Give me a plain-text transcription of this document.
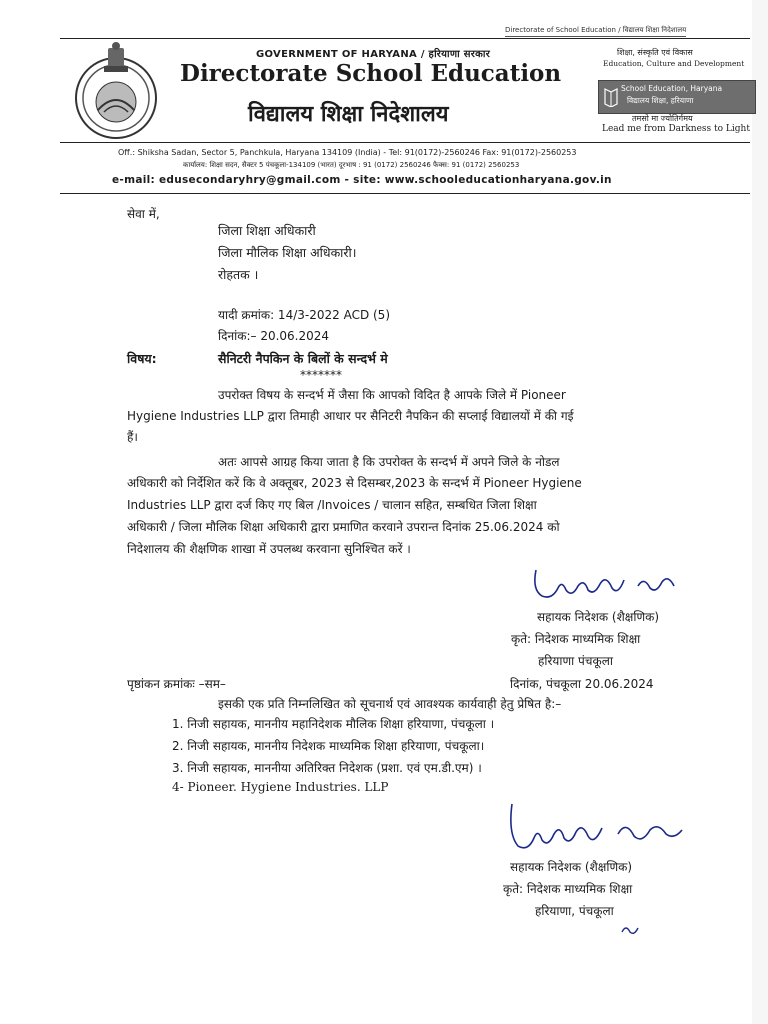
Directorate of School Education / विद्यालय शिक्षा निदेशालय
GOVERNMENT OF HARYANA / हरियाणा सरकार
Directorate School Education
विद्यालय शिक्षा निदेशालय
शिक्षा, संस्कृति एवं विकास
Education, Culture and Development
School Education, Haryana
विद्यालय शिक्षा, हरियाणा
तमसो मा ज्योतिर्गमय
Lead me from Darkness to Light
Off.: Shiksha Sadan, Sector 5, Panchkula, Haryana 134109 (India) - Tel: 91(0172)-2560246 Fax: 91(0172)-2560253
कार्यालय: शिक्षा सदन, सैक्टर 5 पंचकूला-134109 (भारत) दूरभाष : 91 (0172) 2560246 फैक्स: 91 (0172) 2560253
e-mail: edusecondaryhry@gmail.com - site: www.schooleducationharyana.gov.in
सेवा में,
जिला शिक्षा अधिकारी
जिला मौलिक शिक्षा अधिकारी।
रोहतक ।
यादी क्रमांक: 14/3-2022 ACD (5)
दिनांक:– 20.06.2024
विषय:	सैनिटरी नैपकिन के बिलों के सन्दर्भ मे
*******
उपरोक्त विषय के सन्दर्भ में जैसा कि आपको विदित है आपके जिले में Pioneer
Hygiene Industries LLP द्वारा तिमाही आधार पर सैनिटरी नैपकिन की सप्लाई विद्यालयों में की गई
हैं।
अतः आपसे आग्रह किया जाता है कि उपरोक्त के सन्दर्भ में अपने जिले के नोडल
अधिकारी को निर्देशित करें कि वे अक्तूबर, 2023 से दिसम्बर,2023 के सन्दर्भ में Pioneer Hygiene
Industries LLP द्वारा दर्ज किए गए बिल /Invoices / चालान सहित, सम्बधित जिला शिक्षा
अधिकारी / जिला मौलिक शिक्षा अधिकारी द्वारा प्रमाणित करवाने उपरान्त दिनांक 25.06.2024 को
निदेशालय की शैक्षणिक शाखा में उपलब्ध करवाना सुनिश्चित करें ।
सहायक निदेशक (शैक्षणिक)
कृते: निदेशक माध्यमिक शिक्षा
हरियाणा पंचकूला
पृष्ठांकन क्रमांकः –सम–	दिनांक, पंचकूला 20.06.2024
इसकी एक प्रति निम्नलिखित को सूचनार्थ एवं आवश्यक कार्यवाही हेतु प्रेषित है:–
1. निजी सहायक, माननीय महानिदेशक मौलिक शिक्षा हरियाणा, पंचकूला ।
2. निजी सहायक, माननीय निदेशक माध्यमिक शिक्षा हरियाणा, पंचकूला।
3. निजी सहायक, माननीया अतिरिक्त निदेशक (प्रशा. एवं एम.डी.एम) ।
4- Pioneer. Hygiene Industries. LLP
सहायक निदेशक (शैक्षणिक)
कृते: निदेशक माध्यमिक शिक्षा
हरियाणा, पंचकूला
